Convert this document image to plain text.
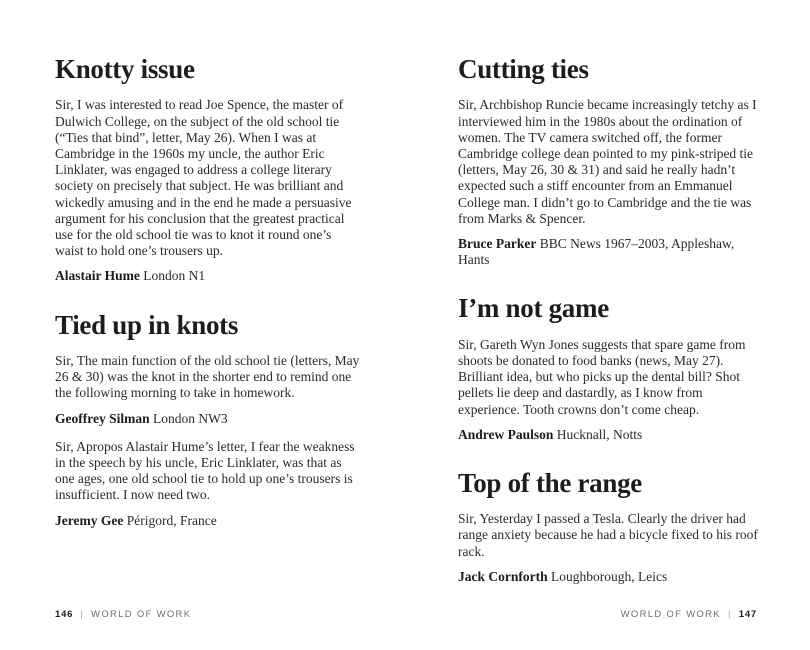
Knotty issue

Sir, I was interested to read Joe Spence, the master of Dulwich College, on the subject of the old school tie (“Ties that bind”, letter, May 26). When I was at Cambridge in the 1960s my uncle, the author Eric Linklater, was engaged to address a college literary society on precisely that subject. He was brilliant and wickedly amusing and in the end he made a persuasive argument for his conclusion that the greatest practical use for the old school tie was to knot it round one’s waist to hold one’s trousers up.

Alastair Hume London N1

Tied up in knots

Sir, The main function of the old school tie (letters, May 26 & 30) was the knot in the shorter end to remind one the following morning to take in homework.

Geoffrey Silman London NW3

Sir, Apropos Alastair Hume’s letter, I fear the weakness in the speech by his uncle, Eric Linklater, was that as one ages, one old school tie to hold up one’s trousers is insufficient. I now need two.

Jeremy Gee Périgord, France

Cutting ties

Sir, Archbishop Runcie became increasingly tetchy as I interviewed him in the 1980s about the ordination of women. The TV camera switched off, the former Cambridge college dean pointed to my pink-striped tie (letters, May 26, 30 & 31) and said he really hadn’t expected such a stiff encounter from an Emmanuel College man. I didn’t go to Cambridge and the tie was from Marks & Spencer.

Bruce Parker BBC News 1967–2003, Appleshaw, Hants

I’m not game

Sir, Gareth Wyn Jones suggests that spare game from shoots be donated to food banks (news, May 27). Brilliant idea, but who picks up the dental bill? Shot pellets lie deep and dastardly, as I know from experience. Tooth crowns don’t come cheap.

Andrew Paulson Hucknall, Notts

Top of the range

Sir, Yesterday I passed a Tesla. Clearly the driver had range anxiety because he had a bicycle fixed to his roof rack.

Jack Cornforth Loughborough, Leics

146 | WORLD OF WORK	WORLD OF WORK | 147
